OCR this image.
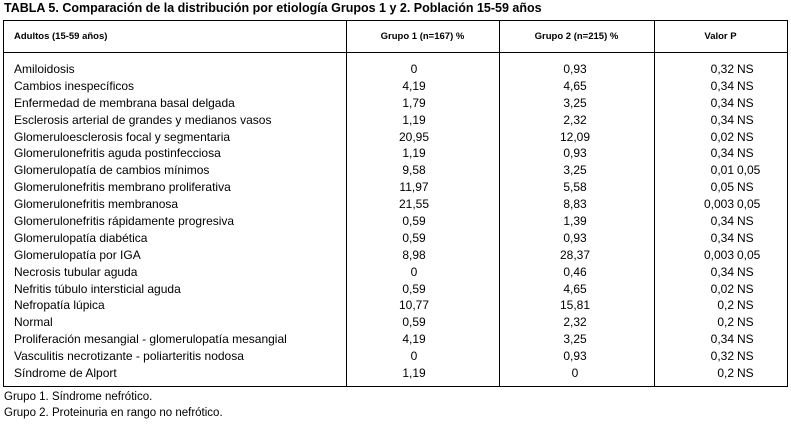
TABLA 5. Comparación de la distribución por etiología Grupos 1 y 2. Población 15-59 años
Adultos (15-59 años)	Grupo 1 (n=167) %	Grupo 2 (n=215) %	Valor P
Amiloidosis	0	0,93	0,32 NS
Cambios inespecíficos	4,19	4,65	0,34 NS
Enfermedad de membrana basal delgada	1,79	3,25	0,34 NS
Esclerosis arterial de grandes y medianos vasos	1,19	2,32	0,34 NS
Glomeruloesclerosis focal y segmentaria	20,95	12,09	0,02 NS
Glomerulonefritis aguda postinfecciosa	1,19	0,93	0,34 NS
Glomerulopatía de cambios mínimos	9,58	3,25	0,01 0,05
Glomerulonefritis membrano proliferativa	11,97	5,58	0,05 NS
Glomerulonefritis membranosa	21,55	8,83	0,003 0,05
Glomerulonefritis rápidamente progresiva	0,59	1,39	0,34 NS
Glomerulopatía diabética	0,59	0,93	0,34 NS
Glomerulopatía por IGA	8,98	28,37	0,003 0,05
Necrosis tubular aguda	0	0,46	0,34 NS
Nefritis túbulo intersticial aguda	0,59	4,65	0,02 NS
Nefropatía lúpica	10,77	15,81	0,2 NS
Normal	0,59	2,32	0,2 NS
Proliferación mesangial - glomerulopatía mesangial	4,19	3,25	0,34 NS
Vasculitis necrotizante - poliarteritis nodosa	0	0,93	0,32 NS
Síndrome de Alport	1,19	0	0,2 NS
Grupo 1. Síndrome nefrótico.
Grupo 2. Proteinuria en rango no nefrótico.
